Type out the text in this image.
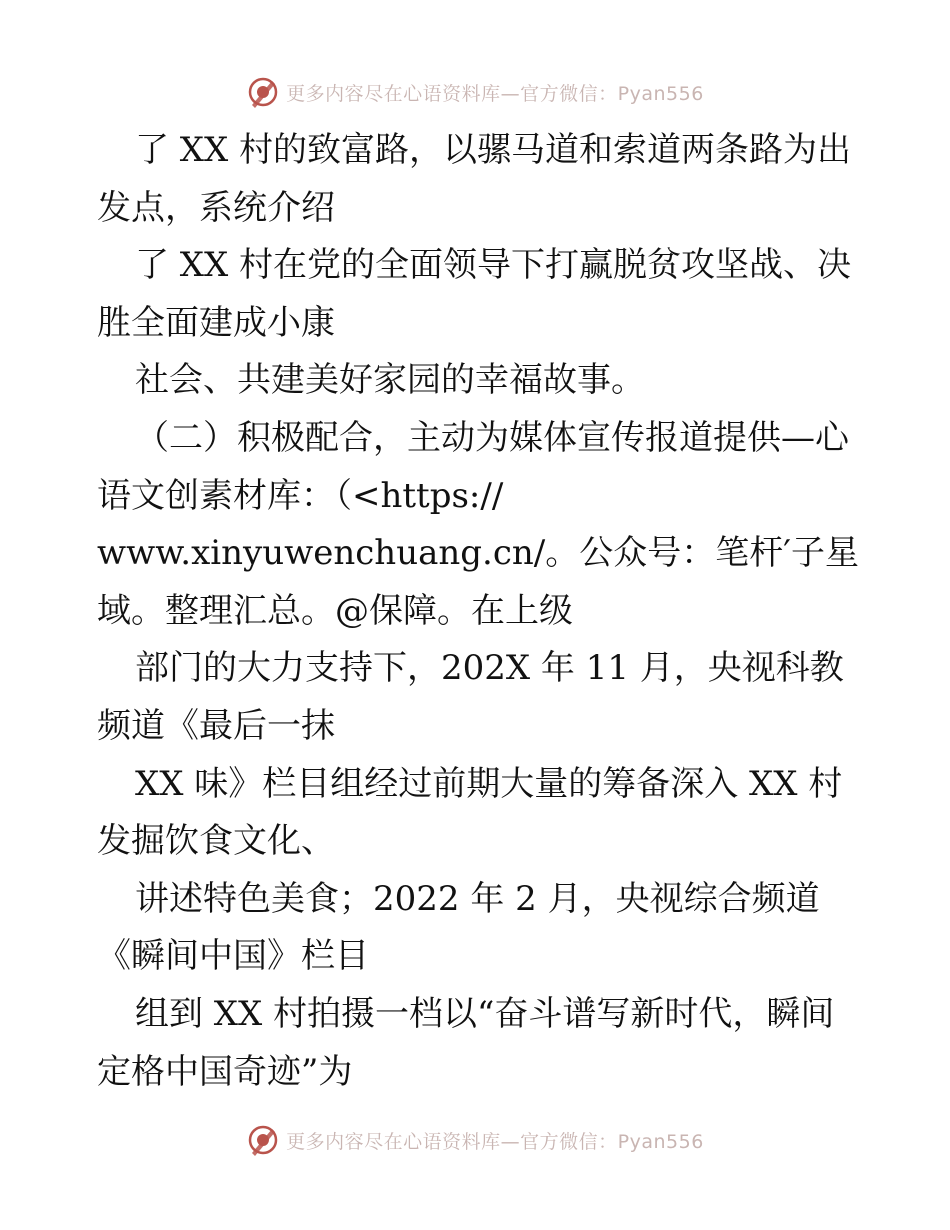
更多内容尽在心语资料库—官方微信：Pyan556
了 XX 村的致富路，以骡马道和索道两条路为出
发点，系统介绍
了 XX 村在党的全面领导下打赢脱贫攻坚战、决
胜全面建成小康
社会、共建美好家园的幸福故事。
（二）积极配合，主动为媒体宣传报道提供—心
语文创素材库：（<https://
www.xinyuwenchuang.cn/。公众号：笔杆′子星
域。整理汇总。@保障。在上级
部门的大力支持下，202X 年 11 月，央视科教
频道《最后一抹
XX 味》栏目组经过前期大量的筹备深入 XX 村
发掘饮食文化、
讲述特色美食；2022 年 2 月，央视综合频道
《瞬间中国》栏目
组到 XX 村拍摄一档以“奋斗谱写新时代，瞬间
定格中国奇迹”为
更多内容尽在心语资料库—官方微信：Pyan556
